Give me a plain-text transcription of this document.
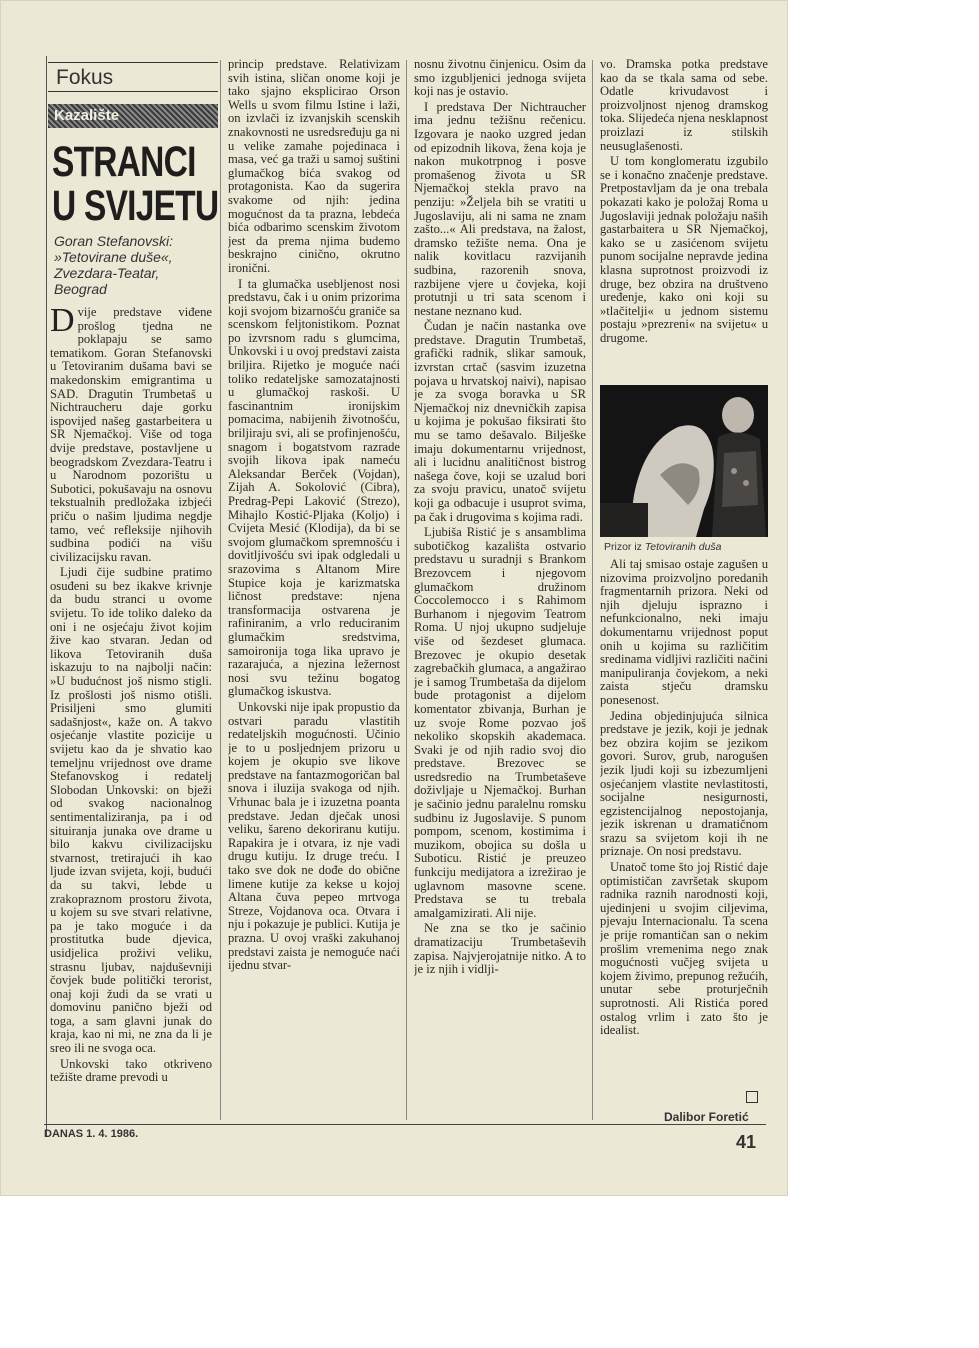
Fokus
Kazalište
STRANCI
U SVIJETU
Goran Stefanovski:
»Tetovirane duše«,
Zvezdara-Teatar,
Beograd

Dvije predstave viđene prošlog tjedna ne poklapaju se samo tematikom. Goran Stefanovski u Tetoviranim dušama bavi se makedonskim emigrantima u SAD. Dragutin Trumbetaš u Nichtraucheru daje gorku ispovijed našeg gastarbeitera u SR Njemačkoj. Više od toga dvije predstave, postavljene u beogradskom Zvezdara-Teatru i u Narodnom pozorištu u Subotici, pokušavaju na osnovu tekstualnih predložaka izbjeći priču o našim ljudima negdje tamo, već refleksije njihovih sudbina podići na višu civilizacijsku ravan.

Ljudi čije sudbine pratimo osuđeni su bez ikakve krivnje da budu stranci u ovome svijetu. To ide toliko daleko da oni i ne osjećaju život kojim žive kao stvaran. Jedan od likova Tetoviranih duša iskazuju to na najbolji način: »U budućnost još nismo stigli. Iz prošlosti još nismo otišli. Prisiljeni smo glumiti sadašnjost«, kaže on. A takvo osjećanje vlastite pozicije u svijetu kao da je shvatio kao temeljnu vrijednost ove drame Stefanovskog i redatelj Slobodan Unkovski: on bježi od svakog nacionalnog sentimentaliziranja, pa i od situiranja junaka ove drame u bilo kakvu civilizacijsku stvarnost, tretirajući ih kao ljude izvan svijeta, koji, budući da su takvi, lebde u zrakopraznom prostoru života, u kojem su sve stvari relativne, pa je tako moguće i da prostitutka bude djevica, usidjelica proživi veliku, strasnu ljubav, najduševniji čovjek bude politički terorist, onaj koji žudi da se vrati u domovinu panično bježi od toga, a sam glavni junak do kraja, kao ni mi, ne zna da li je sreo ili ne svoga oca.

Unkovski tako otkriveno težište drame prevodi u

princip predstave. Relativizam svih istina, sličan onome koji je tako sjajno eksplicirao Orson Wells u svom filmu Istine i laži, on izvlači iz izvanjskih scenskih znakovnosti ne usredsređuju ga ni u velike zamahe pojedinaca i masa, već ga traži u samoj suštini glumačkog bića svakog od protagonista. Kao da sugerira svakome od njih: jedina mogućnost da ta prazna, lebdeća bića odbarimo scenskim životom jest da prema njima budemo beskrajno cinično, okrutno ironični.

I ta glumačka usebljenost nosi predstavu, čak i u onim prizorima koji svojom bizarnošću graniče sa scenskom feljtonistikom. Poznat po izvrsnom radu s glumcima, Unkovski i u ovoj predstavi zaista briljira. Rijetko je moguće naći toliko redateljske samozatajnosti u glumačkoj raskoši. U fascinantnim ironijskim pomacima, nabijenih životnošću, briljiraju svi, ali se profinjenošću, snagom i bogatstvom razrade svojih likova ipak nameću Aleksandar Berček (Vojdan), Zijah A. Sokolović (Cibra), Predrag-Pepi Laković (Strezo), Mihajlo Kostić-Pljaka (Koljo) i Cvijeta Mesić (Klodija), da bi se svojom glumačkom spremnošću i dovitljivošću svi ipak odgledali u srazovima s Altanom Mire Stupice koja je karizmatska ličnost predstave: njena transformacija ostvarena je rafiniranim, a vrlo reduciranim glumačkim sredstvima, samoironija toga lika upravo je razarajuća, a njezina ležernost nosi svu težinu bogatog glumačkog iskustva.

Unkovski nije ipak propustio da ostvari paradu vlastitih redateljskih mogućnosti. Učinio je to u posljednjem prizoru u kojem je okupio sve likove predstave na fantazmogoričan bal snova i iluzija svakoga od njih. Vrhunac bala je i izuzetna poanta predstave. Jedan dječak unosi veliku, šareno dekoriranu kutiju. Rapakira je i otvara, iz nje vadi drugu kutiju. Iz druge treću. I tako sve dok ne dođe do obične limene kutije za kekse u kojoj Altana čuva pepeo mrtvoga Streze, Vojdanova oca. Otvara i nju i pokazuje je publici. Kutija je prazna. U ovoj vraški zakuhanoj predstavi zaista je nemoguće naći ijednu stvar-

nosnu životnu činjenicu. Osim da smo izgubljenici jednoga svijeta koji nas je ostavio.

I predstava Der Nichtraucher ima jednu težišnu rečenicu. Izgovara je naoko uzgred jedan od epizodnih likova, žena koja je nakon mukotrpnog i posve promašenog života u SR Njemačkoj stekla pravo na penziju: »Željela bih se vratiti u Jugoslaviju, ali ni sama ne znam zašto...« Ali predstava, na žalost, dramsko težište nema. Ona je nalik kovitlacu razvijanih sudbina, razorenih snova, razbijene vjere u čovjeka, koji protutnji u tri sata scenom i nestane neznano kud.

Čudan je način nastanka ove predstave. Dragutin Trumbetaš, grafički radnik, slikar samouk, izvrstan crtač (sasvim izuzetna pojava u hrvatskoj naivi), napisao je za svoga boravka u SR Njemačkoj niz dnevničkih zapisa u kojima je pokušao fiksirati što mu se tamo dešavalo. Bilješke imaju dokumentarnu vrijednost, ali i lucidnu analitičnost bistrog našega čove, koji se uzalud bori za svoju pravicu, unatoč svijetu koji ga odbacuje i usuprot svima, pa čak i drugovima s kojima radi.

Ljubiša Ristić je s ansamblima subotičkog kazališta ostvario predstavu u suradnji s Brankom Brezovcem i njegovom glumačkom družinom Coccolemocco i s Rahimom Burhanom i njegovim Teatrom Roma. U njoj ukupno sudjeluje više od šezdeset glumaca. Brezovec je okupio desetak zagrebačkih glumaca, a angažirao je i samog Trumbetaša da dijelom bude protagonist a dijelom komentator zbivanja, Burhan je uz svoje Rome pozvao još nekoliko skopskih akademaca. Svaki je od njih radio svoj dio predstave. Brezovec se usredsredio na Trumbetaševe doživljaje u Njemačkoj. Burhan je sačinio jednu paralelnu romsku sudbinu iz Jugoslavije. S punom pompom, scenom, kostimima i muzikom, obojica su došla u Suboticu. Ristić je preuzeo funkciju medijatora a izrežirao je uglavnom masovne scene. Predstava se tu trebala amalgamizirati. Ali nije.

Ne zna se tko je sačinio dramatizaciju Trumbetaševih zapisa. Najvjerojatnije nitko. A to je iz njih i vidlji-

vo. Dramska potka predstave kao da se tkala sama od sebe. Odatle krivudavost i proizvoljnost njenog dramskog toka. Slijedeća njena nesklapnost proizlazi iz stilskih neusuglašenosti.

U tom konglomeratu izgubilo se i konačno značenje predstave. Pretpostavljam da je ona trebala pokazati kako je položaj Roma u Jugoslaviji jednak položaju naših gastarbaitera u SR Njemačkoj, kako se u zasićenom svijetu punom socijalne nepravde jedina klasna suprotnost proizvodi iz druge, bez obzira na društveno uređenje, kako oni koji su »tlačitelji« u jednom sistemu postaju »prezreni« na svijetu« u drugome.

Prizor iz Tetoviranih duša

Ali taj smisao ostaje zagušen u nizovima proizvoljno poredanih fragmentarnih prizora. Neki od njih djeluju isprazno i nefunkcionalno, neki imaju dokumentarnu vrijednost poput onih u kojima su različitim sredinama vidljivi različiti načini manipuliranja čovjekom, a neki zaista stječu dramsku ponesenost.

Jedina objedinjujuća silnica predstave je jezik, koji je jednak bez obzira kojim se jezikom govori. Surov, grub, narogušen jezik ljudi koji su izbezumljeni osjećanjem vlastite nevlastitosti, socijalne nesigurnosti, egzistencijalnog nepostojanja, jezik iskrenan u dramatičnom srazu sa svijetom koji ih ne priznaje. On nosi predstavu.

Unatoč tome što joj Ristić daje optimističan završetak skupom radnika raznih narodnosti koji, ujedinjeni u svojim ciljevima, pjevaju Internacionalu. Ta scena je prije romantičan san o nekim prošlim vremenima nego znak mogućnosti vučjeg svijeta u kojem živimo, prepunog režućih, unutar sebe proturječnih suprotnosti. Ali Ristića pored ostalog vrlim i zato što je idealist.

Dalibor Foretić
DANAS 1. 4. 1986.	41
